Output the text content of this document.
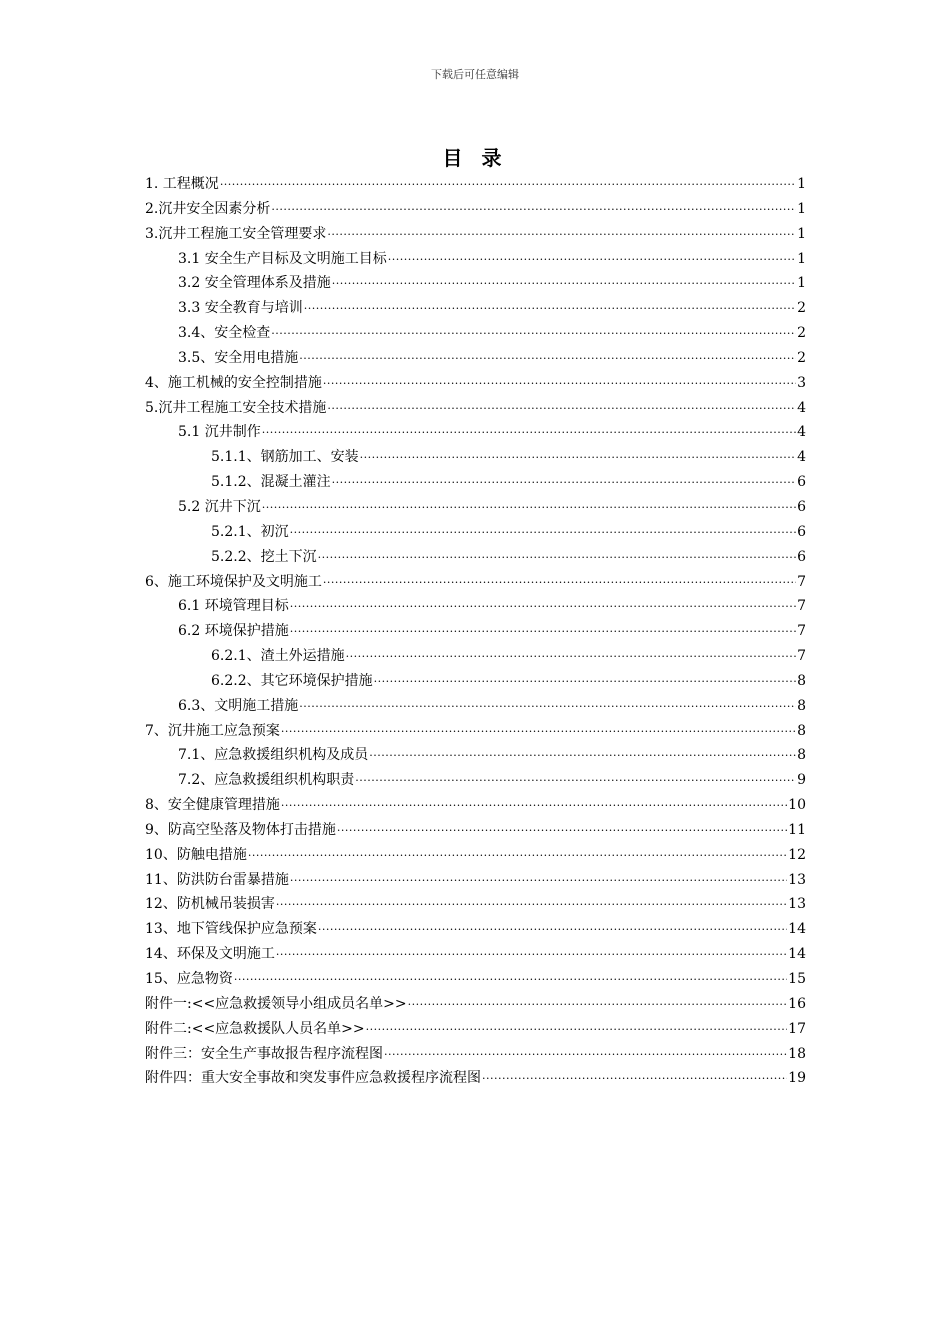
下载后可任意编辑
目 录
1. 工程概况 .....	1
2.沉井安全因素分析 .....	1
3.沉井工程施工安全管理要求 .....	1
3.1 安全生产目标及文明施工目标 .....	1
3.2 安全管理体系及措施 .....	1
3.3 安全教育与培训 .....	2
3.4、安全检查 .....	2
3.5、安全用电措施 .....	2
4、施工机械的安全控制措施 .....	3
5.沉井工程施工安全技术措施 .....	4
5.1 沉井制作 .....	4
5.1.1、钢筋加工、安装 .....	4
5.1.2、混凝土灌注 .....	6
5.2 沉井下沉 .....	6
5.2.1、初沉 .....	6
5.2.2、挖土下沉 .....	6
6、施工环境保护及文明施工 .....	7
6.1 环境管理目标 .....	7
6.2 环境保护措施 .....	7
6.2.1、渣土外运措施 .....	7
6.2.2、其它环境保护措施 .....	8
6.3、文明施工措施 .....	8
7、沉井施工应急预案 .....	8
7.1、应急救援组织机构及成员 .....	8
7.2、应急救援组织机构职责 .....	9
8、安全健康管理措施 .....	10
9、防高空坠落及物体打击措施 .....	11
10、防触电措施 .....	12
11、防洪防台雷暴措施 .....	13
12、防机械吊装损害 .....	13
13、地下管线保护应急预案 .....	14
14、环保及文明施工 .....	14
15、应急物资 .....	15
附件一:<<应急救援领导小组成员名单>> .....	16
附件二:<<应急救援队人员名单>> .....	17
附件三：安全生产事故报告程序流程图 .....	18
附件四：重大安全事故和突发事件应急救援程序流程图 .....	19
